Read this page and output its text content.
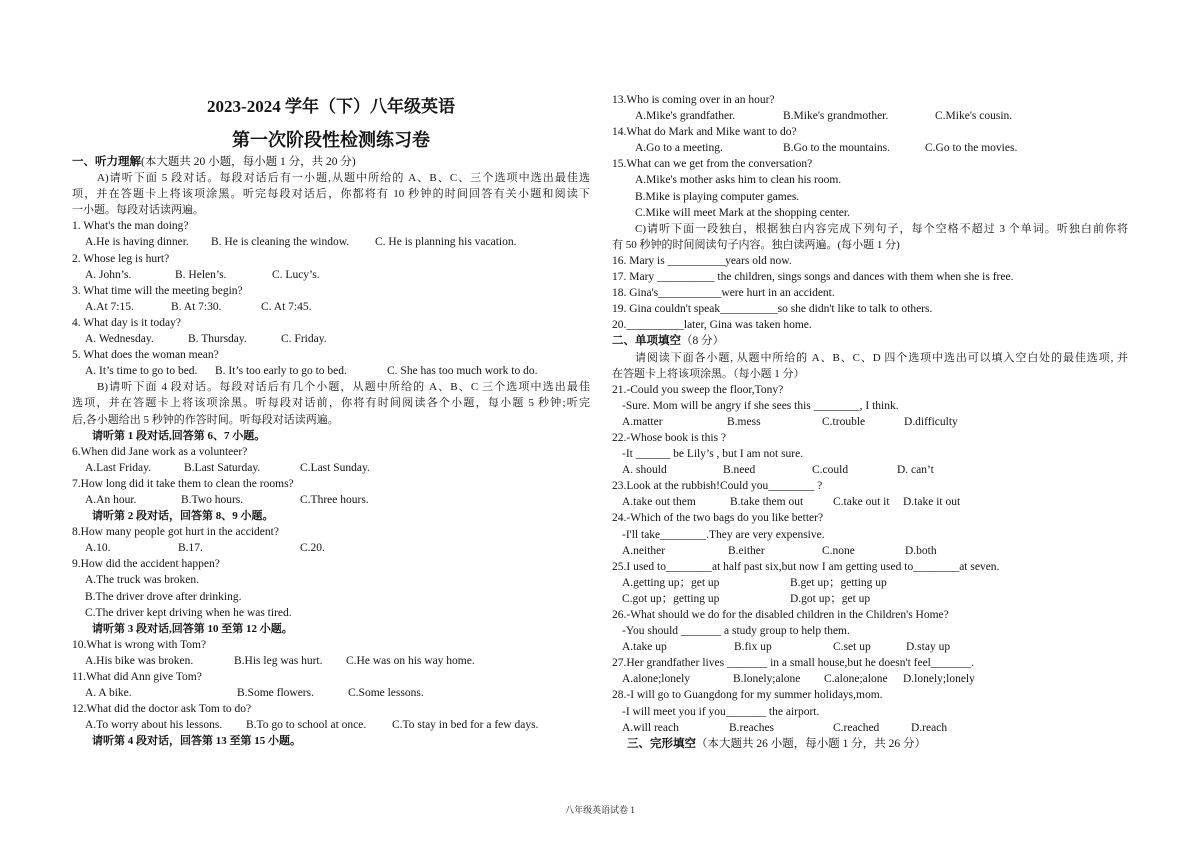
2023-2024 学年（下）八年级英语
第一次阶段性检测练习卷
一、听力理解(本大题共 20 小题，每小题 1 分，共 20 分)
A)请听下面 5 段对话。每段对话后有一小题,从题中所给的 A、B、C、三个选项中选出最佳选
项，并在答题卡上将该项涂黑。听完每段对话后，你都将有 10 秒钟的时间回答有关小题和阅读下
一小题。每段对话读两遍。
1. What's the man doing?
A.He is having dinner. B. He is cleaning the window. C. He is planning his vacation.
2. Whose leg is hurt?
A. John’s.	B. Helen’s.	C. Lucy’s.
3. What time will the meeting begin?
A.At 7:15.	B. At 7:30.	C. At 7:45.
4. What day is it today?
A. Wednesday.	B. Thursday.	C. Friday.
5. What does the woman mean?
A. It’s time to go to bed. B. It’s too early to go to bed.	C. She has too much work to do.
B)请听下面 4 段对话。每段对话后有几个小题，从题中所给的 A、B、C 三个选项中选出最佳
选项，并在答题卡上将该项涂黑。听每段对话前，你将有时间阅读各个小题，每小题 5 秒钟;听完
后,各小题给出 5 秒钟的作答时间。听每段对话读两遍。
请听第 1 段对话,回答第 6、7 小题。
6.When did Jane work as a volunteer?
A.Last Friday.	B.Last Saturday.	C.Last Sunday.
7.How long did it take them to clean the rooms?
A.An hour.	B.Two hours.	C.Three hours.
请听第 2 段对话，回答第 8、9 小题。
8.How many people got hurt in the accident?
A.10.	B.17.	C.20.
9.How did the accident happen?
A.The truck was broken.
B.The driver drove after drinking.
C.The driver kept driving when he was tired.
请听第 3 段对话,回答第 10 至第 12 小题。
10.What is wrong with Tom?
A.His bike was broken.	B.His leg was hurt. C.He was on his way home.
11.What did Ann give Tom?
A. A bike.	B.Some flowers.	C.Some lessons.
12.What did the doctor ask Tom to do?
A.To worry about his lessons. B.To go to school at once. C.To stay in bed for a few days.
请听第 4 段对话，回答第 13 至第 15 小题。
13.Who is coming over in an hour?
A.Mike's grandfather.	B.Mike's grandmother.	C.Mike's cousin.
14.What do Mark and Mike want to do?
A.Go to a meeting.	B.Go to the mountains.	C.Go to the movies.
15.What can we get from the conversation?
A.Mike's mother asks him to clean his room.
B.Mike is playing computer games.
C.Mike will meet Mark at the shopping center.
C)请听下面一段独白，根据独白内容完成下列句子，每个空格不超过 3 个单词。听独白前你将
有 50 秒钟的时间阅读句子内容。独白读两遍。(每小题 1 分)
16. Mary is __________years old now.
17. Mary __________ the children, sings songs and dances with them when she is free.
18. Gina's___________were hurt in an accident.
19. Gina couldn't speak__________so she didn't like to talk to others.
20.__________later, Gina was taken home.
二、单项填空（8 分）
请阅读下面各小题, 从题中所给的 A、B、C、D 四个选项中选出可以填入空白处的最佳选项, 并
在答题卡上将该项涂黑。（每小题 1 分）
21.-Could you sweep the floor,Tony?
-Sure. Mom will be angry if she sees this ________, I think.
A.matter	B.mess	C.trouble	D.difficulty
22.-Whose book is this ?
-It ______ be Lily’s , but I am not sure.
A. should	B.need	C.could	D. can’t
23.Look at the rubbish!Could you________ ?
A.take out them	B.take them out	C.take out it D.take it out
24.-Which of the two bags do you like better?
-I'll take________.They are very expensive.
A.neither	B.either	C.none	D.both
25.I used to________at half past six,but now I am getting used to________at seven.
A.getting up；get up	B.get up；getting up
C.got up；getting up	D.got up；get up
26.-What should we do for the disabled children in the Children's Home?
-You should _______ a study group to help them.
A.take up	B.fix up	C.set up	D.stay up
27.Her grandfather lives _______ in a small house,but he doesn't feel_______.
A.alone;lonely	B.lonely;alone C.alone;alone D.lonely;lonely
28.-I will go to Guangdong for my summer holidays,mom.
-I will meet you if you_______ the airport.
A.will reach	B.reaches	C.reached	D.reach
三、完形填空（本大题共 26 小题，每小题 1 分，共 26 分）
八年级英语试卷 1
